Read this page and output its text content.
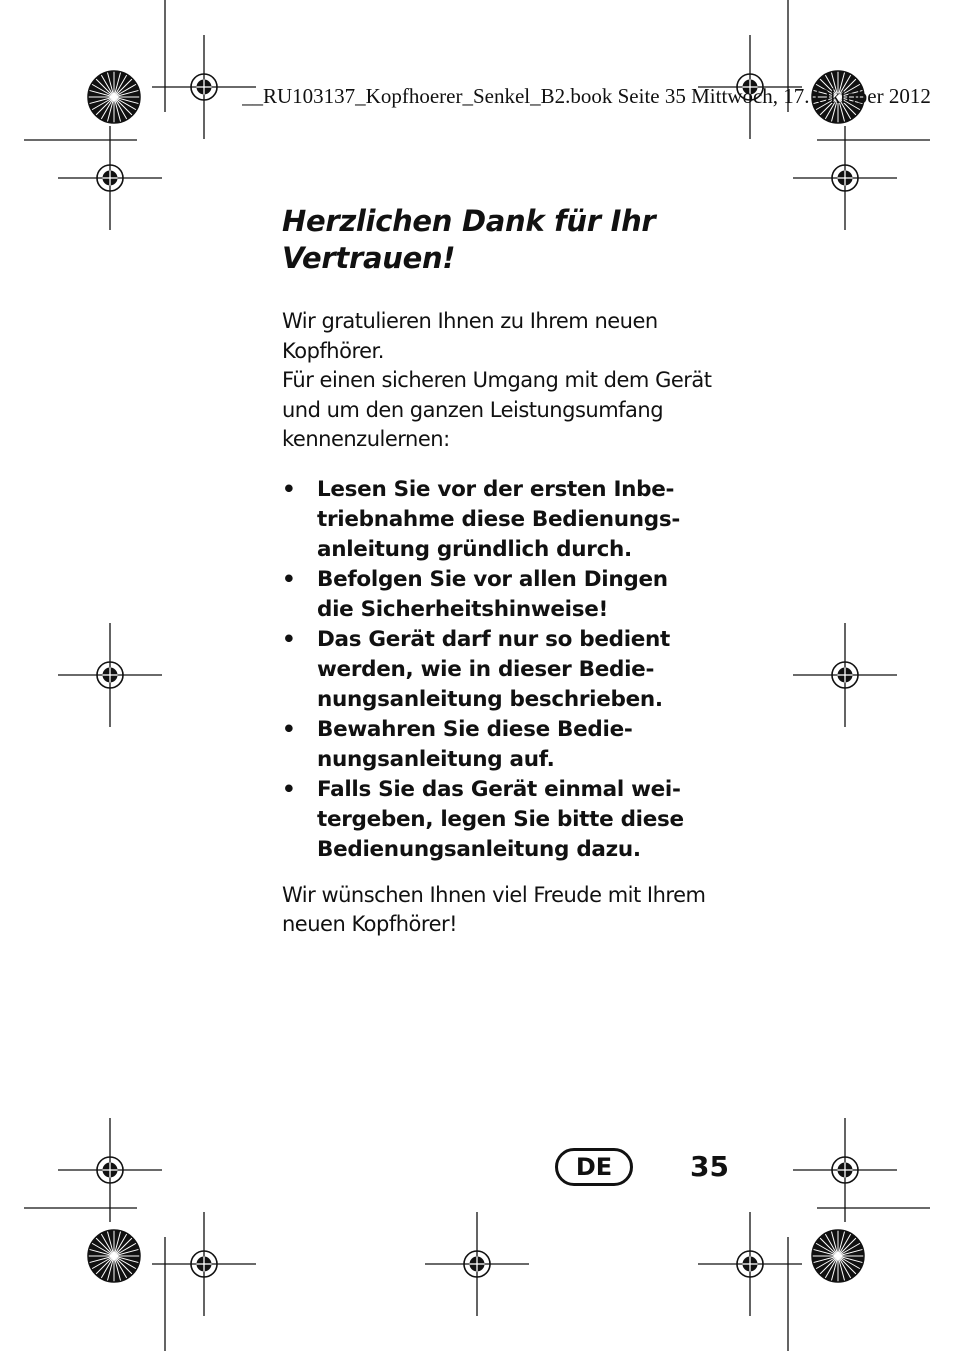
__RU103137_Kopfhoerer_Senkel_B2.book Seite 35 Mittwoch, 17. Oktober 2012
Herzlichen Dank für Ihr
Vertrauen!

Wir gratulieren Ihnen zu Ihrem neuen
Kopfhörer.
Für einen sicheren Umgang mit dem Gerät
und um den ganzen Leistungsumfang
kennenzulernen:

• Lesen Sie vor der ersten Inbe-
triebnahme diese Bedienungs-
anleitung gründlich durch.
• Befolgen Sie vor allen Dingen
die Sicherheitshinweise!
• Das Gerät darf nur so bedient
werden, wie in dieser Bedie-
nungsanleitung beschrieben.
• Bewahren Sie diese Bedie-
nungsanleitung auf.
• Falls Sie das Gerät einmal wei-
tergeben, legen Sie bitte diese
Bedienungsanleitung dazu.

Wir wünschen Ihnen viel Freude mit Ihrem
neuen Kopfhörer!

DE	35
